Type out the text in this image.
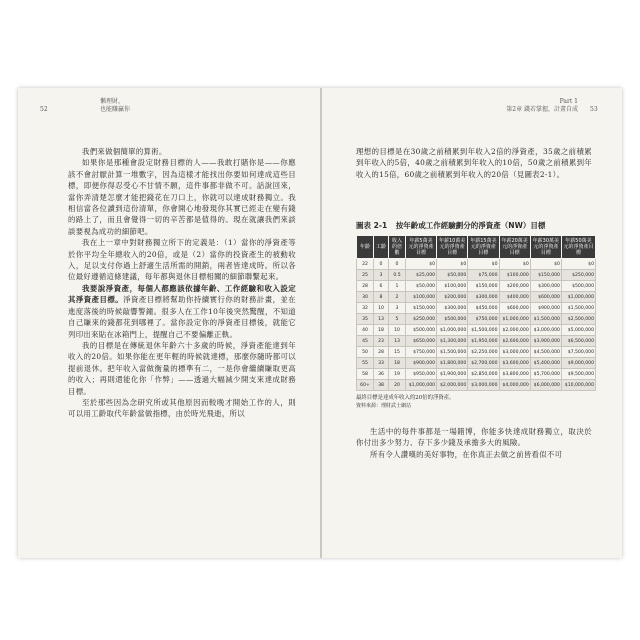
52
懶理財，
也能賺贏你

我們來做個簡單的算術。

如果你是那種會設定財務目標的人——我敢打賭你是——你應該不會討厭計算一堆數字，因為這樣才能找出你要如何達成這些目標，即便你得忍受心不甘情不願，這件事都非做不可。話說回來，當你弄清楚怎麼才能把錢花在刀口上，你就可以達成財務獨立。我相信當各位讀到這份清單，你會開心地發現你其實已經走在變有錢的路上了，而且會覺得一切的辛苦都是值得的。現在就讓我們來談談要視為成功的細節吧。

我在上一章中對財務獨立所下的定義是：（1）當你的淨資產等於你平均全年總收入的20倍，或是（2）當你的投資產生的被動收入，足以支付你過上舒適生活所需的開銷，兩者皆達成時。所以各位最好遵循這條建議，每年都與退休目標相關的細節聯繫起來。

我要說淨資產，每個人都應該依據年齡、工作經驗和收入設定其淨資產目標。淨資產目標將幫助你持續實行你的財務計畫，並在進度落後的時候敲響警鐘。很多人在工作10年後突然驚醒，不知道自己賺來的錢都花到哪裡了。當你設定你的淨資產目標後，就能它列印出來貼在冰箱門上，提醒自己不要偏離正軌。

我的目標是在傳統退休年齡六十多歲的時候，淨資產能達到年收入的20倍。如果你能在更年輕的時候就達標，那麼你隨時都可以提前退休。把年收入當做衡量的標準有二，一是你會繼續賺取更高的收入；再則還能化你「作弊」——透過大幅減少開支來達成財務目標。

至於那些因為念研究所或其他原因而較晚才開始工作的人，則可以用工齡取代年齡當做指標，由於時光飛逝，所以

Part 1
第2章 錢若掌握，計畫自成 53

理想的目標是在30歲之前積累到年收入2倍的淨資產，35歲之前積累到年收入的5倍，40歲之前積累到年收入的10倍，50歲之前積累到年收入的15倍，60歲之前積累到年收入的20倍（見圖表2-1）。

圖表 2-1 按年齡或工作經驗劃分的淨資產（NW）目標
年齡	工齡	收入的倍數	年薪5萬美元的淨資產目標	年薪10萬美元的淨資產目標	年薪15萬美元的淨資產目標	年薪20萬美元的淨資產目標	年薪30萬美元的淨資產目標	年薪50萬美元的淨資產目標
22	0	0	$0	$0	$0	$0	$0	$0
25	3	0.5	$25,000	$50,000	$75,000	$100,000	$150,000	$250,000
28	6	1	$50,000	$100,000	$150,000	$200,000	$300,000	$500,000
30	8	2	$100,000	$200,000	$300,000	$400,000	$600,000	$1,000,000
32	10	3	$150,000	$300,000	$450,000	$600,000	$900,000	$1,500,000
35	13	5	$250,000	$500,000	$750,000	$1,000,000	$1,500,000	$2,500,000
40	18	10	$500,000	$1,000,000	$1,500,000	$2,000,000	$3,000,000	$5,000,000
45	23	13	$650,000	$1,300,000	$1,950,000	$2,600,000	$3,900,000	$6,500,000
50	28	15	$750,000	$1,500,000	$2,250,000	$3,000,000	$4,500,000	$7,500,000
55	33	18	$900,000	$1,800,000	$2,700,000	$3,600,000	$5,400,000	$9,000,000
58	36	19	$950,000	$1,900,000	$2,850,000	$3,800,000	$5,700,000	$9,500,000
60+	38	20	$1,000,000	$2,000,000	$3,000,000	$4,000,000	$6,000,000	$10,000,000
最終目標是達成年收入的20倍的淨資產。
資料來源：理財武士網站

生活中的每件事都是一場賭博，你能多快達成財務獨立，取決於你付出多少努力、存下多少錢及承擔多大的風險。

所有令人讚嘆的美好事物，在你真正去做之前皆看似不可
